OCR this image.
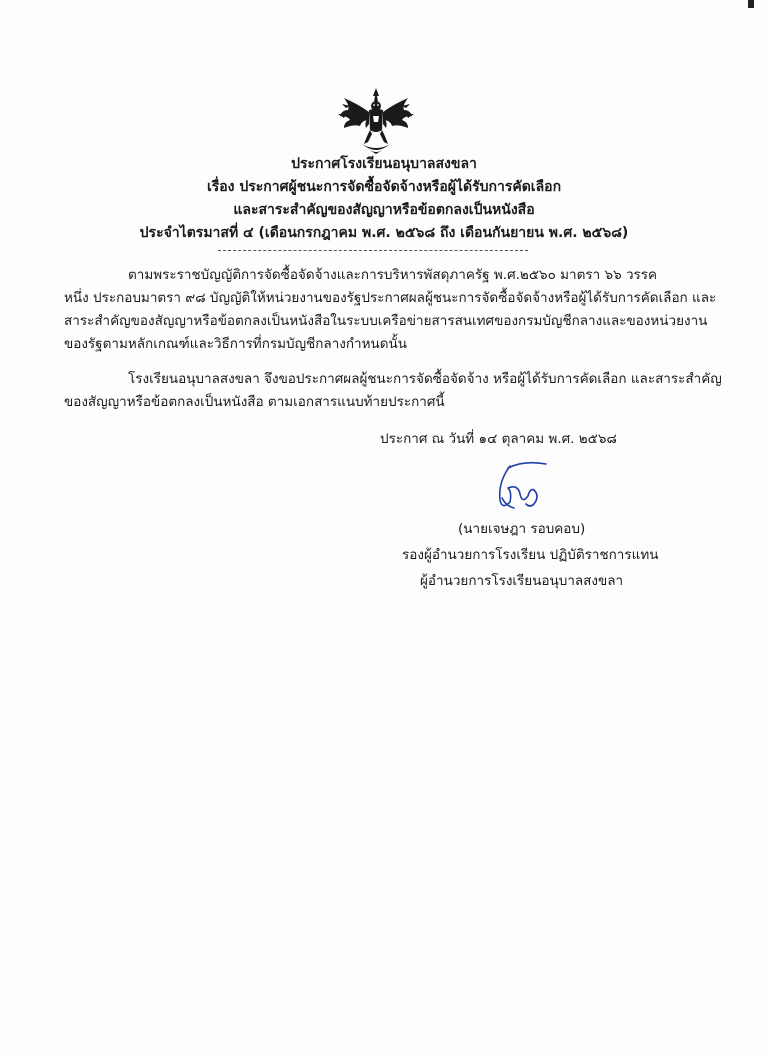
ประกาศโรงเรียนอนุบาลสงขลา
เรื่อง ประกาศผู้ชนะการจัดซื้อจัดจ้างหรือผู้ได้รับการคัดเลือก
และสาระสำคัญของสัญญาหรือข้อตกลงเป็นหนังสือ
ประจำไตรมาสที่ ๔ (เดือนกรกฎาคม พ.ศ. ๒๕๖๘ ถึง เดือนกันยายน พ.ศ. ๒๕๖๘)
ตามพระราชบัญญัติการจัดซื้อจัดจ้างและการบริหารพัสดุภาครัฐ พ.ศ.๒๕๖๐ มาตรา ๖๖ วรรค
หนึ่ง ประกอบมาตรา ๙๘ บัญญัติให้หน่วยงานของรัฐประกาศผลผู้ชนะการจัดซื้อจัดจ้างหรือผู้ได้รับการคัดเลือก และ
สาระสำคัญของสัญญาหรือข้อตกลงเป็นหนังสือในระบบเครือข่ายสารสนเทศของกรมบัญชีกลางและของหน่วยงาน
ของรัฐตามหลักเกณฑ์และวิธีการที่กรมบัญชีกลางกำหนดนั้น
โรงเรียนอนุบาลสงขลา จึงขอประกาศผลผู้ชนะการจัดซื้อจัดจ้าง หรือผู้ได้รับการคัดเลือก และสาระสำคัญ
ของสัญญาหรือข้อตกลงเป็นหนังสือ ตามเอกสารแนบท้ายประกาศนี้
ประกาศ ณ วันที่ ๑๔ ตุลาคม พ.ศ. ๒๕๖๘
(นายเจษฎา รอบคอบ)
รองผู้อำนวยการโรงเรียน ปฏิบัติราชการแทน
ผู้อำนวยการโรงเรียนอนุบาลสงขลา
